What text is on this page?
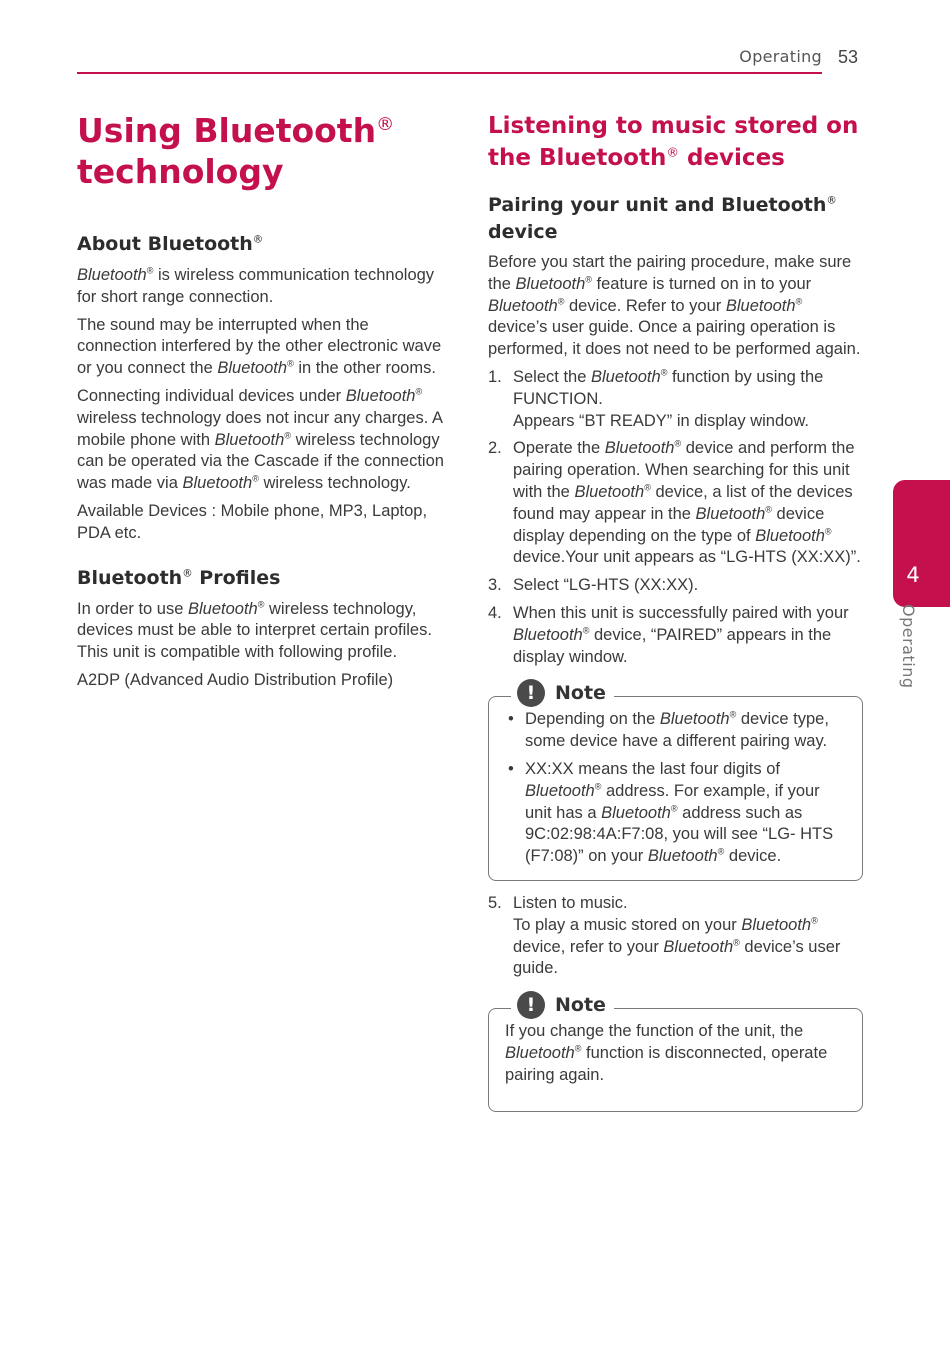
Operating 53
Using Bluetooth®
technology
About Bluetooth®

Bluetooth® is wireless communication technology for short range connection.

The sound may be interrupted when the connection interfered by the other electronic wave or you connect the Bluetooth® in the other rooms.

Connecting individual devices under Bluetooth® wireless technology does not incur any charges. A mobile phone with Bluetooth® wireless technology can be operated via the Cascade if the connection was made via Bluetooth® wireless technology.

Available Devices : Mobile phone, MP3, Laptop, PDA etc.

Bluetooth® Profiles

In order to use Bluetooth® wireless technology, devices must be able to interpret certain profiles. This unit is compatible with following profile.

A2DP (Advanced Audio Distribution Profile)

Listening to music stored on
the Bluetooth® devices
Pairing your unit and Bluetooth®
device

Before you start the pairing procedure, make sure the Bluetooth® feature is turned on in to your Bluetooth® device. Refer to your Bluetooth® device’s user guide. Once a pairing operation is performed, it does not need to be performed again.

1. Select the Bluetooth® function by using the FUNCTION.
Appears “BT READY” in display window.
2. Operate the Bluetooth® device and perform the pairing operation. When searching for this unit with the Bluetooth® device, a list of the devices found may appear in the Bluetooth® device display depending on the type of Bluetooth® device.Your unit appears as “LG-HTS (XX:XX)”.
3. Select “LG-HTS (XX:XX).
4. When this unit is successfully paired with your Bluetooth® device, “PAIRED” appears in the display window.
!	Note
• Depending on the Bluetooth® device type, some device have a different pairing way.
• XX:XX means the last four digits of Bluetooth® address. For example, if your unit has a Bluetooth® address such as 9C:02:98:4A:F7:08, you will see “LG- HTS (F7:08)” on your Bluetooth® device.
5. Listen to music.
To play a music stored on your Bluetooth® device, refer to your Bluetooth® device’s user guide.
!	Note

If you change the function of the unit, the Bluetooth® function is disconnected, operate pairing again.

4
Operating
